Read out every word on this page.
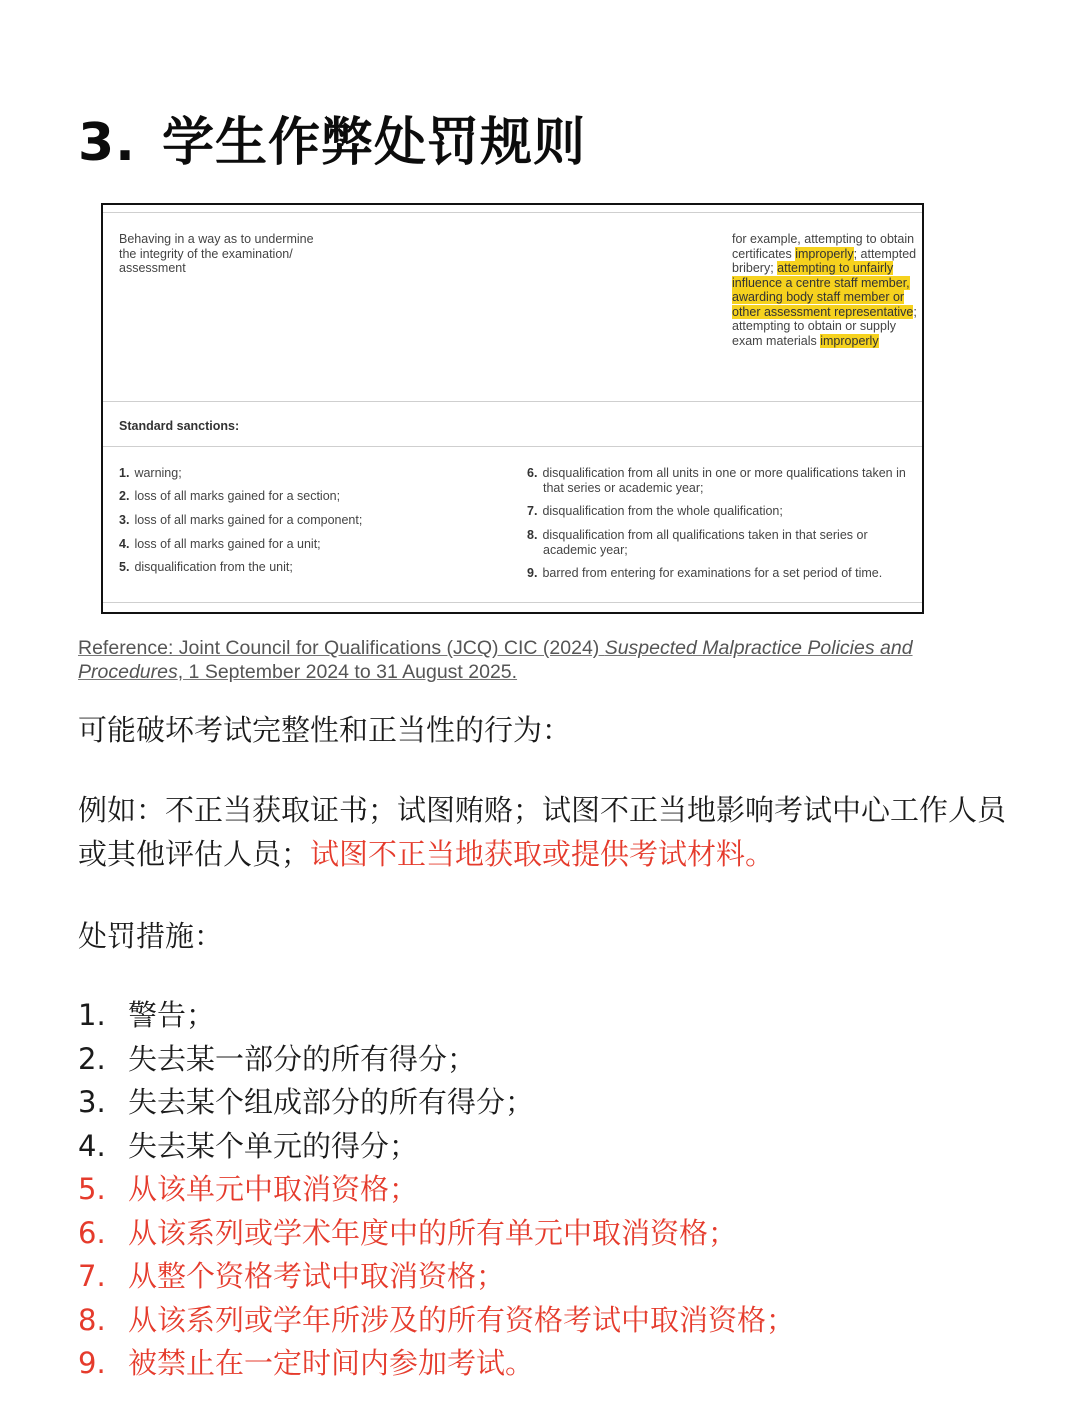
3. 学生作弊处罚规则
Behaving in a way as to undermine the integrity of the examination/ assessment
for example, attempting to obtain certificates improperly; attempted bribery; attempting to unfairly influence a centre staff member, awarding body staff member or other assessment representative; attempting to obtain or supply exam materials improperly
Standard sanctions:
1. warning;
2. loss of all marks gained for a section;
3. loss of all marks gained for a component;
4. loss of all marks gained for a unit;
5. disqualification from the unit;
6. disqualification from all units in one or more qualifications taken in that series or academic year;
7. disqualification from the whole qualification;
8. disqualification from all qualifications taken in that series or academic year;
9. barred from entering for examinations for a set period of time.
Reference: Joint Council for Qualifications (JCQ) CIC (2024) Suspected Malpractice Policies and Procedures, 1 September 2024 to 31 August 2025.
可能破坏考试完整性和正当性的行为：
例如：不正当获取证书；试图贿赂；试图不正当地影响考试中心工作人员或其他评估人员；试图不正当地获取或提供考试材料。
处罚措施：
1. 警告；
2. 失去某一部分的所有得分；
3. 失去某个组成部分的所有得分；
4. 失去某个单元的得分；
5. 从该单元中取消资格；
6. 从该系列或学术年度中的所有单元中取消资格；
7. 从整个资格考试中取消资格；
8. 从该系列或学年所涉及的所有资格考试中取消资格；
9. 被禁止在一定时间内参加考试。
